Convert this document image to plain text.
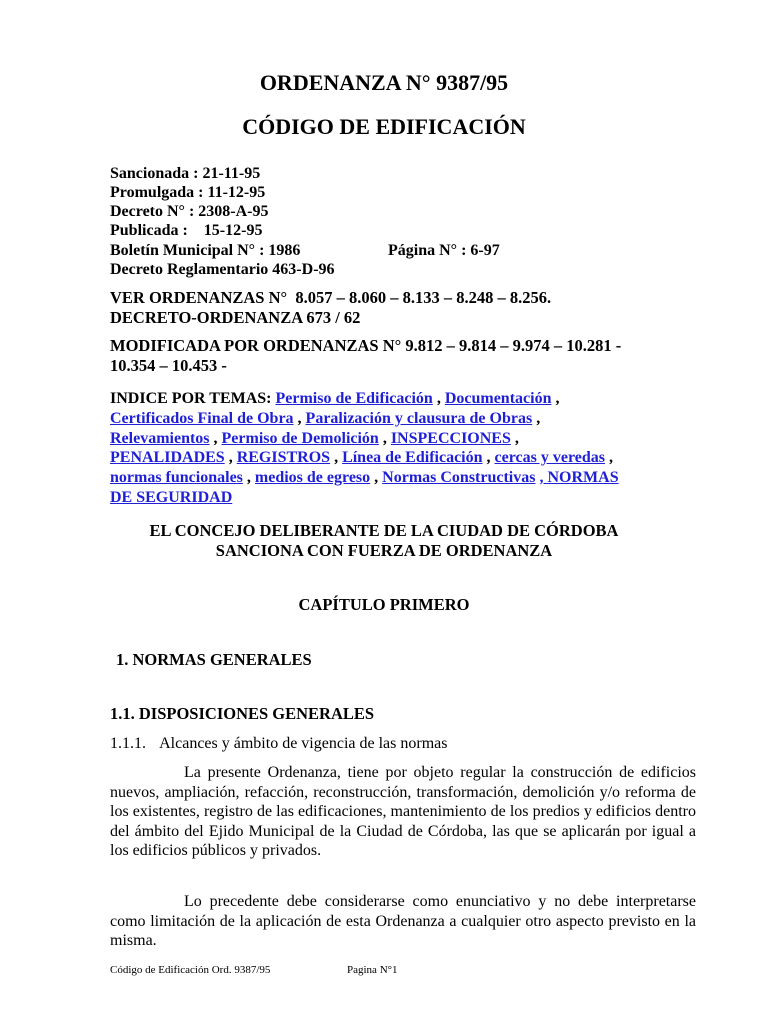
ORDENANZA N° 9387/95
CÓDIGO DE EDIFICACIÓN
Sancionada : 21-11-95
Promulgada : 11-12-95
Decreto N° : 2308-A-95
Publicada :    15-12-95
Boletín Municipal N° : 1986	Página N° : 6-97
Decreto Reglamentario 463-D-96
VER ORDENANZAS N°  8.057 – 8.060 – 8.133 – 8.248 – 8.256.
DECRETO-ORDENANZA 673 / 62
MODIFICADA POR ORDENANZAS N° 9.812 – 9.814 – 9.974 – 10.281 -
10.354 – 10.453 -
INDICE POR TEMAS: Permiso de Edificación , Documentación ,
Certificados Final de Obra , Paralización y clausura de Obras ,
Relevamientos , Permiso de Demolición , INSPECCIONES ,
PENALIDADES , REGISTROS , Línea de Edificación , cercas y veredas ,
normas funcionales , medios de egreso , Normas Constructivas , NORMAS
DE SEGURIDAD
EL CONCEJO DELIBERANTE DE LA CIUDAD DE CÓRDOBA
SANCIONA CON FUERZA DE ORDENANZA
CAPÍTULO PRIMERO
1. NORMAS GENERALES
1.1. DISPOSICIONES GENERALES
1.1.1. Alcances y ámbito de vigencia de las normas

La presente Ordenanza, tiene por objeto regular la construcción de edificios nuevos, ampliación, refacción, reconstrucción, transformación, demolición y/o reforma de los existentes, registro de las edificaciones, mantenimiento de los predios y edificios dentro del ámbito del Ejido Municipal de la Ciudad de Córdoba, las que se aplicarán por igual a los edificios públicos y privados.

Lo precedente debe considerarse como enunciativo y no debe interpretarse como limitación de la aplicación de esta Ordenanza a cualquier otro aspecto previsto en la misma.

Código de Edificación Ord. 9387/95	Pagina N°1
